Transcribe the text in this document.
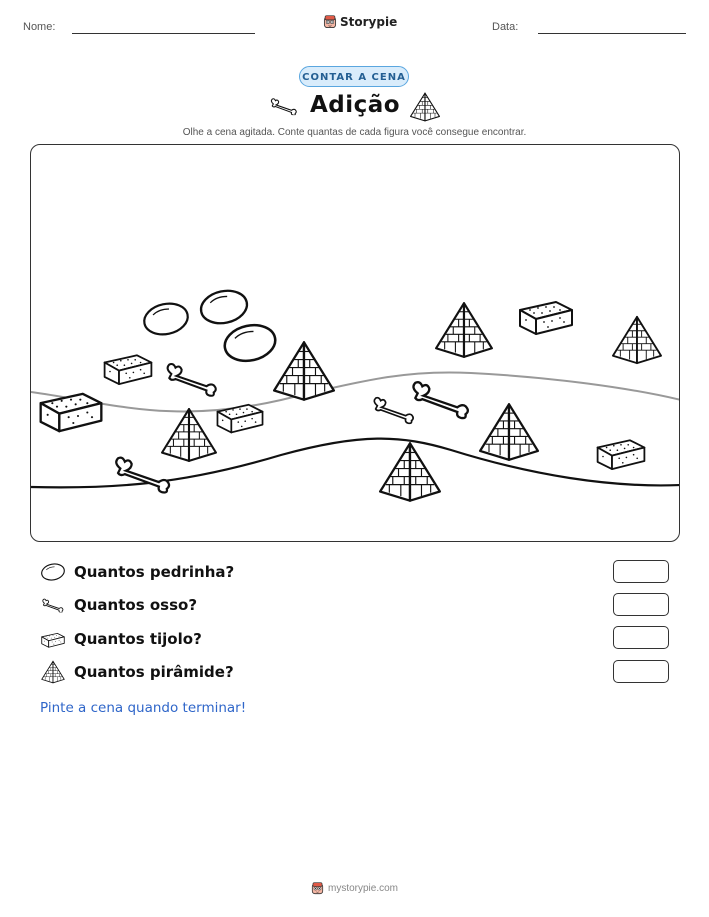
Nome:	Storypie	Data:
CONTAR A CENA
Adição
Olhe a cena agitada. Conte quantas de cada figura você consegue encontrar.
Quantos pedrinha?
Quantos osso?
Quantos tijolo?
Quantos pirâmide?
Pinte a cena quando terminar!
mystorypie.com
